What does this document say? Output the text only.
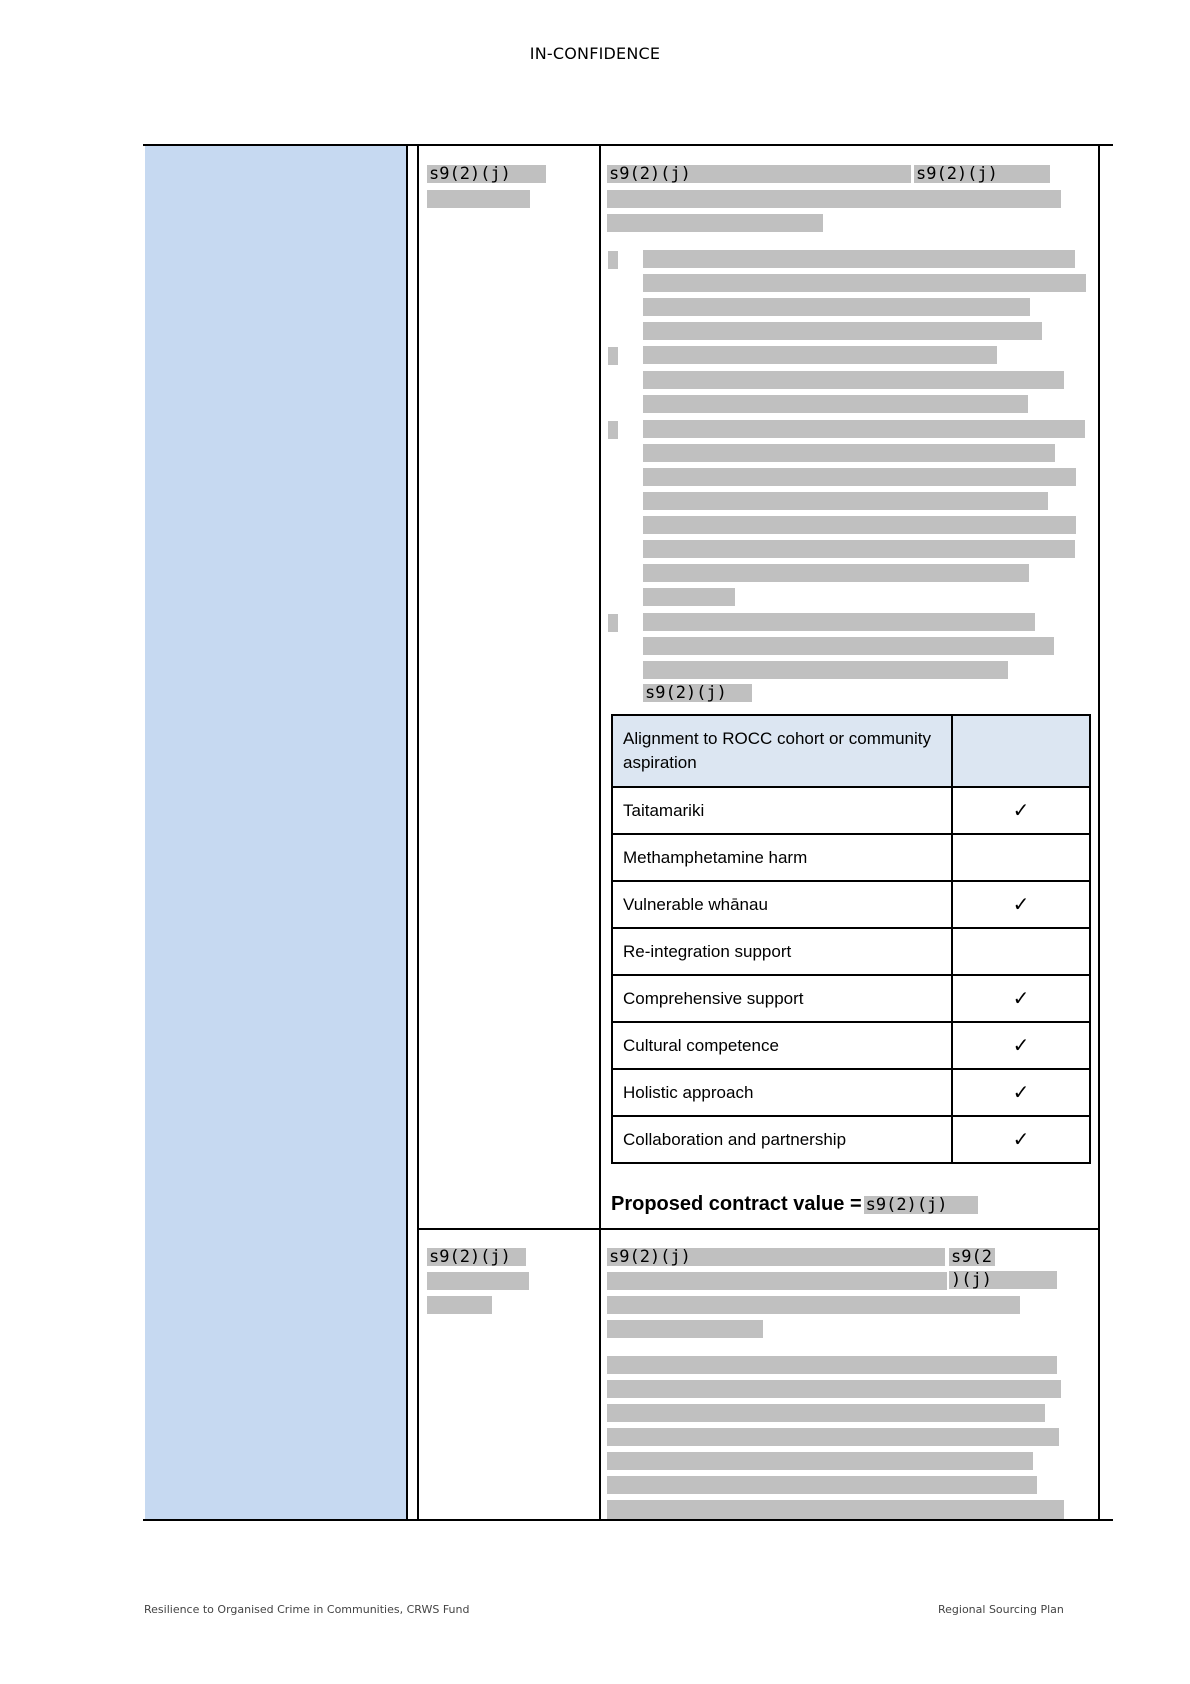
IN-CONFIDENCE
s9(2)(j)	s9(2)(j)	s9(2)(j)
s9(2)(j)
Alignment to ROCC cohort or community aspiration	
Taitamariki	✓
Methamphetamine harm	
Vulnerable whānau	✓
Re-integration support	
Comprehensive support	✓
Cultural competence	✓
Holistic approach	✓
Collaboration and partnership	✓
Proposed contract value = s9(2)(j)
s9(2)(j)	s9(2)(j)	s9(2
)(j)
Resilience to Organised Crime in Communities, CRWS Fund	Regional Sourcing Plan
